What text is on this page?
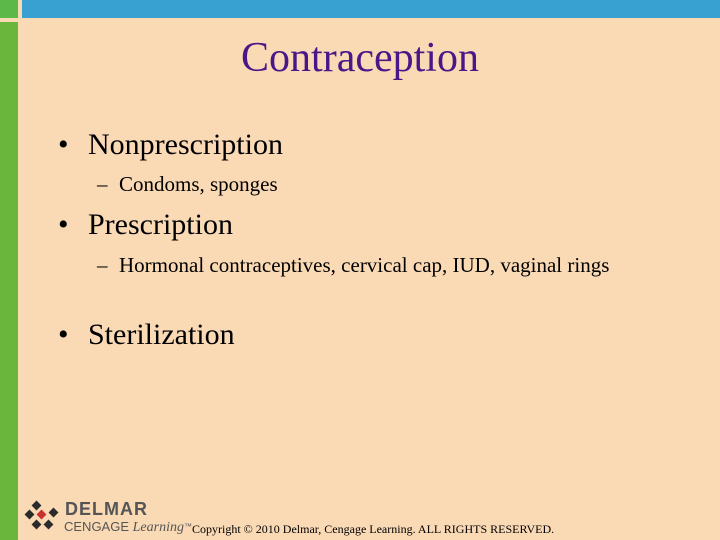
Contraception
• Nonprescription
– Condoms, sponges
• Prescription
– Hormonal contraceptives, cervical cap, IUD, vaginal rings
• Sterilization
DELMAR
CENGAGE Learning™ Copyright © 2010 Delmar, Cengage Learning. ALL RIGHTS RESERVED.
